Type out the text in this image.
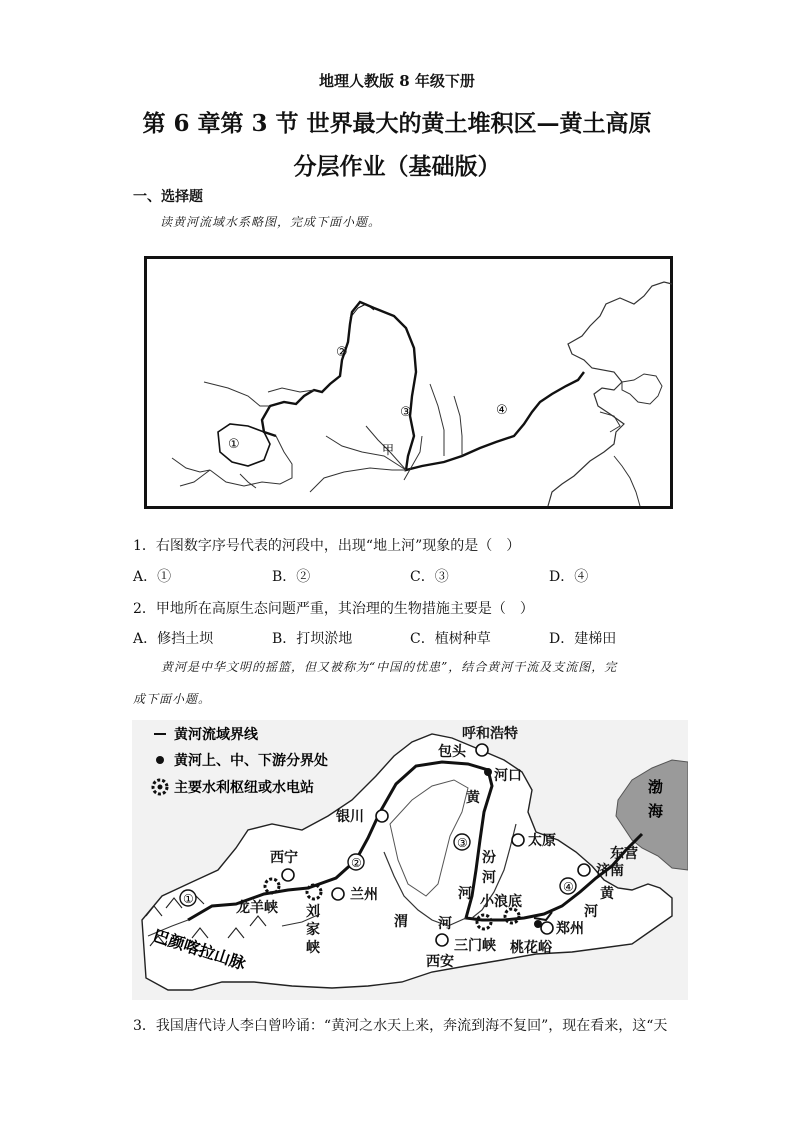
地理人教版 8 年级下册
第 6 章第 3 节 世界最大的黄土堆积区—黄土高原
分层作业（基础版）
一、选择题
读黄河流域水系略图，完成下面小题。
①
②
③	④
甲
1．右图数字序号代表的河段中，出现“地上河”现象的是（　）
A．①	B．②	C．③	D．④
2．甲地所在高原生态问题严重，其治理的生物措施主要是（　）
A．修挡土坝	B．打坝淤地	C．植树种草	D．建梯田
黄河是中华文明的摇篮，但又被称为“中国的忧患”，结合黄河干流及支流图，完
成下面小题。
黄河流域界线
黄河上、中、下游分界处
主要水利枢纽或水电站
①
②
③
④
呼和浩特
包头
河口
银川
太原
西宁
兰州
龙羊峡 刘
家
峡
小浪底
东营
济南
郑州
西安
三门峡 桃花峪
巴颜喀拉山脉
黄
河
汾
河
渭 河
黄
河
渤
海
3．我国唐代诗人李白曾吟诵：“黄河之水天上来，奔流到海不复回”，现在看来，这“天
